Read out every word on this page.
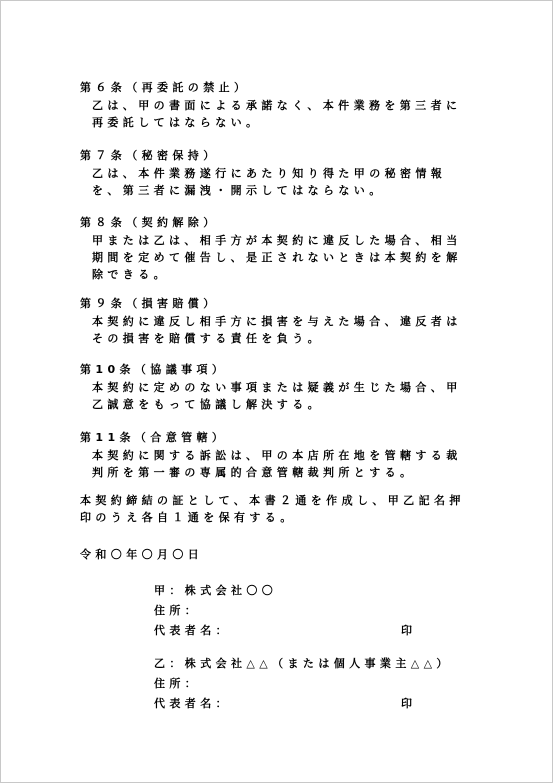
第６条（再委託の禁止）
乙は、甲の書面による承諾なく、本件業務を第三者に
再委託してはならない。
第７条（秘密保持）
乙は、本件業務遂行にあたり知り得た甲の秘密情報
を、第三者に漏洩・開示してはならない。
第８条（契約解除）
甲または乙は、相手方が本契約に違反した場合、相当
期間を定めて催告し、是正されないときは本契約を解
除できる。
第９条（損害賠償）
本契約に違反し相手方に損害を与えた場合、違反者は
その損害を賠償する責任を負う。
第10条（協議事項）
本契約に定めのない事項または疑義が生じた場合、甲
乙誠意をもって協議し解決する。
第11条（合意管轄）
本契約に関する訴訟は、甲の本店所在地を管轄する裁
判所を第一審の専属的合意管轄裁判所とする。
本契約締結の証として、本書２通を作成し、甲乙記名押
印のうえ各自１通を保有する。
令和〇年〇月〇日
甲：株式会社〇〇
住所：
代表者名：	印
乙：株式会社△△（または個人事業主△△）
住所：
代表者名：	印
